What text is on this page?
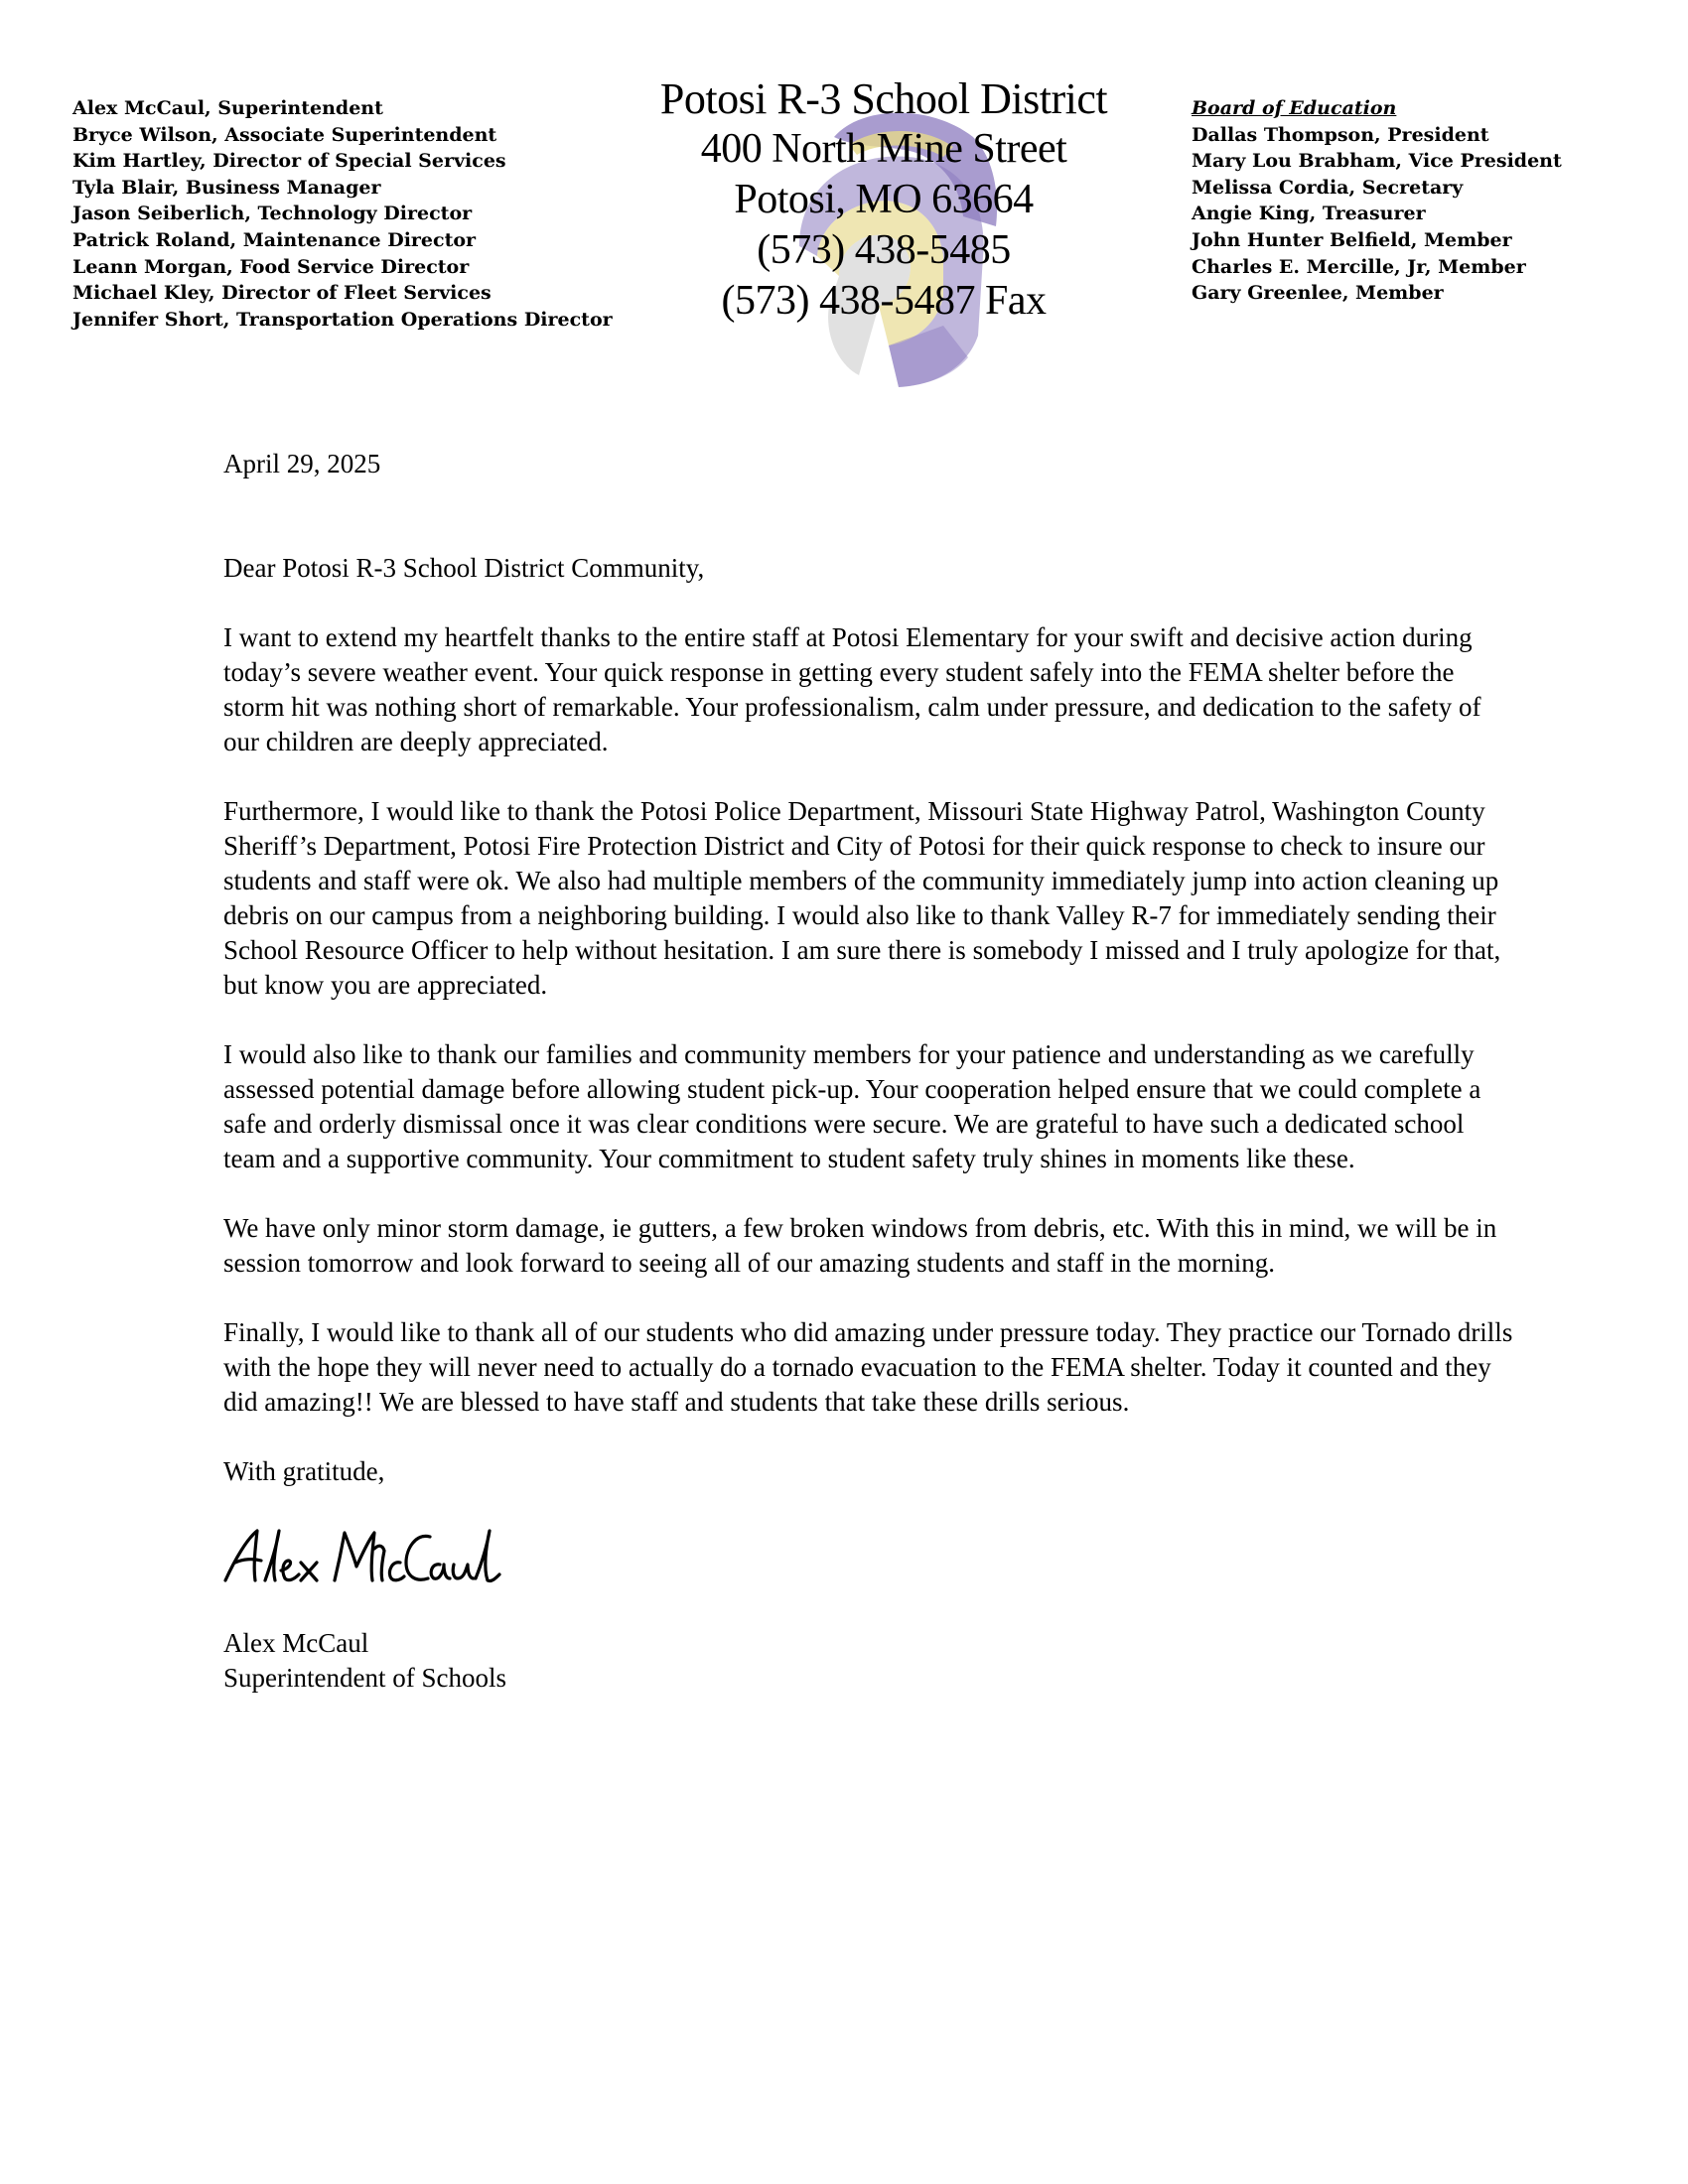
Alex McCaul, Superintendent
Bryce Wilson, Associate Superintendent
Kim Hartley, Director of Special Services
Tyla Blair, Business Manager
Jason Seiberlich, Technology Director
Patrick Roland, Maintenance Director
Leann Morgan, Food Service Director
Michael Kley, Director of Fleet Services
Jennifer Short, Transportation Operations Director
Potosi R-3 School District
400 North Mine Street
Potosi, MO 63664
(573) 438-5485
(573) 438-5487 Fax
Board of Education
Dallas Thompson, President
Mary Lou Brabham, Vice President
Melissa Cordia, Secretary
Angie King, Treasurer
John Hunter Belfield, Member
Charles E. Mercille, Jr, Member
Gary Greenlee, Member

April 29, 2025

Dear Potosi R-3 School District Community,

I want to extend my heartfelt thanks to the entire staff at Potosi Elementary for your swift and decisive action during today’s severe weather event. Your quick response in getting every student safely into the FEMA shelter before the storm hit was nothing short of remarkable. Your professionalism, calm under pressure, and dedication to the safety of our children are deeply appreciated.

Furthermore, I would like to thank the Potosi Police Department, Missouri State Highway Patrol, Washington County Sheriff’s Department, Potosi Fire Protection District and City of Potosi for their quick response to check to insure our students and staff were ok. We also had multiple members of the community immediately jump into action cleaning up debris on our campus from a neighboring building. I would also like to thank Valley R-7 for immediately sending their School Resource Officer to help without hesitation. I am sure there is somebody I missed and I truly apologize for that, but know you are appreciated.

I would also like to thank our families and community members for your patience and understanding as we carefully assessed potential damage before allowing student pick-up. Your cooperation helped ensure that we could complete a safe and orderly dismissal once it was clear conditions were secure. We are grateful to have such a dedicated school team and a supportive community. Your commitment to student safety truly shines in moments like these.

We have only minor storm damage, ie gutters, a few broken windows from debris, etc. With this in mind, we will be in session tomorrow and look forward to seeing all of our amazing students and staff in the morning.

Finally, I would like to thank all of our students who did amazing under pressure today. They practice our Tornado drills with the hope they will never need to actually do a tornado evacuation to the FEMA shelter. Today it counted and they did amazing!! We are blessed to have staff and students that take these drills serious.

With gratitude,

Alex McCaul

Superintendent of Schools
